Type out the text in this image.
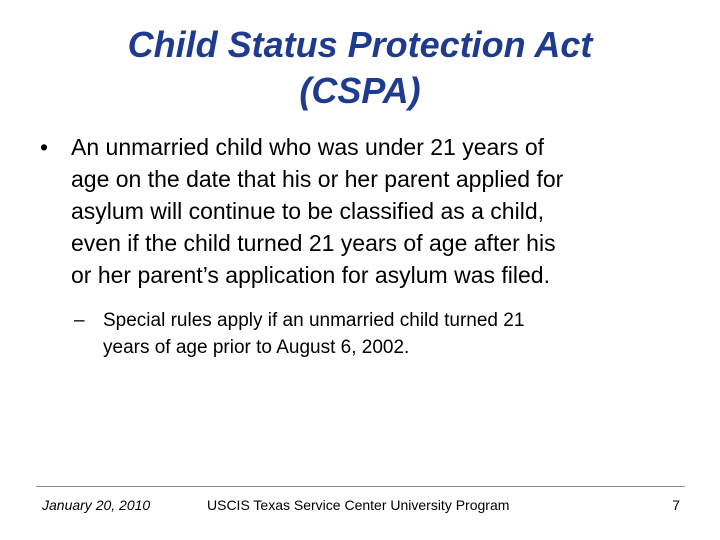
Child Status Protection Act
(CSPA)
• An unmarried child who was under 21 years of
age on the date that his or her parent applied for
asylum will continue to be classified as a child,
even if the child turned 21 years of age after his
or her parent’s application for asylum was filed.
– Special rules apply if an unmarried child turned 21
years of age prior to August 6, 2002.
January 20, 2010	USCIS Texas Service Center University Program	7
